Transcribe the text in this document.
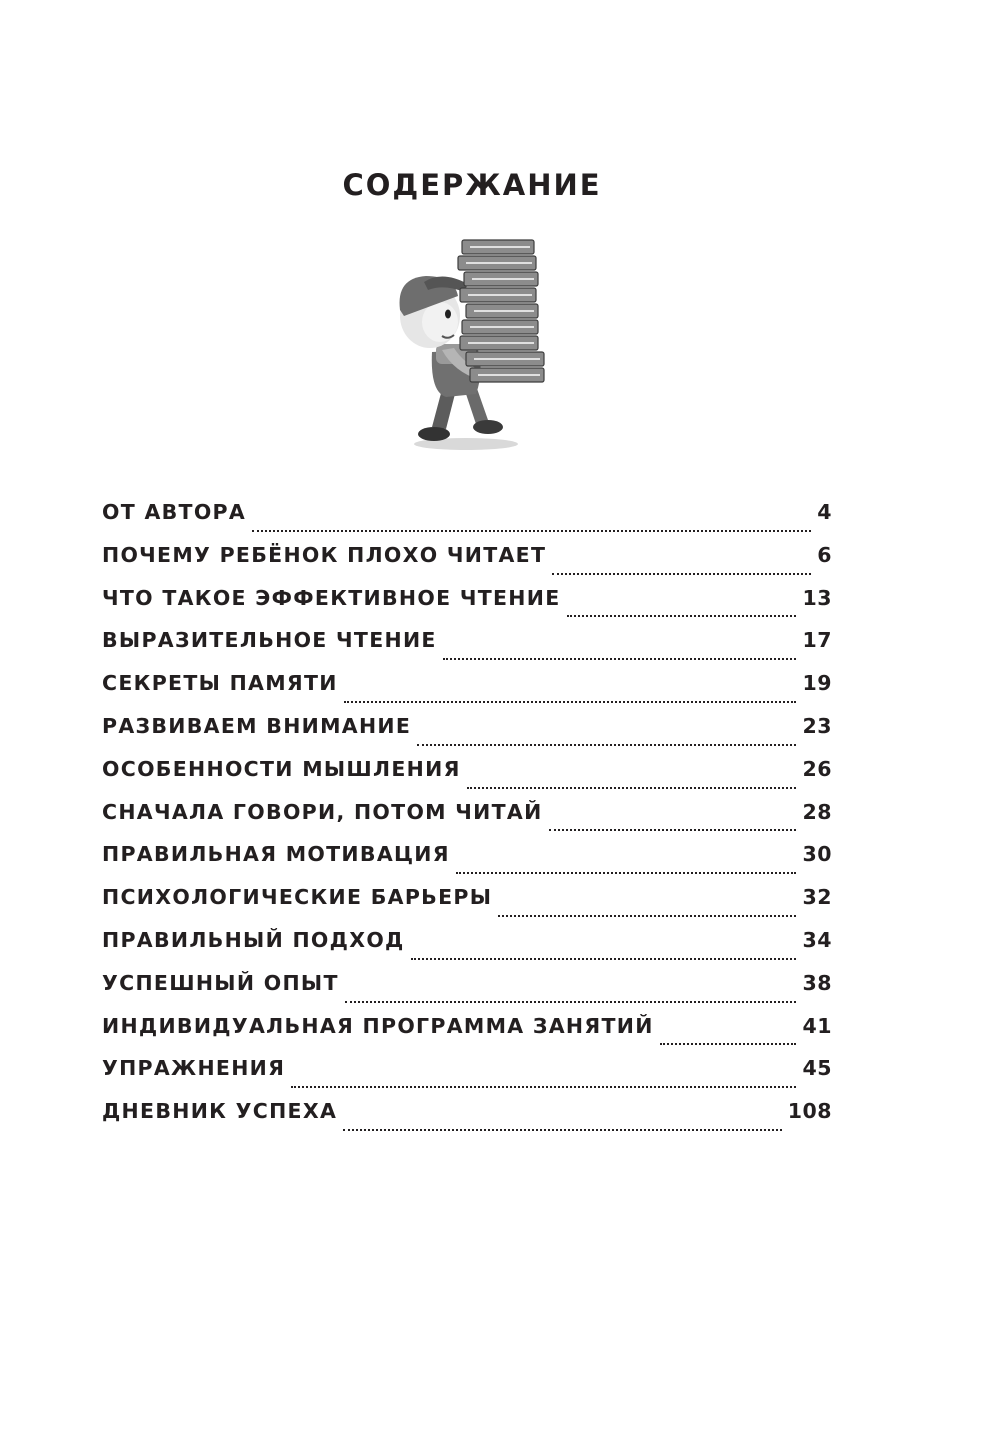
СОДЕРЖАНИЕ
ОТ АВТОРА	4
ПОЧЕМУ РЕБЁНОК ПЛОХО ЧИТАЕТ	6
ЧТО ТАКОЕ ЭФФЕКТИВНОЕ ЧТЕНИЕ	13
ВЫРАЗИТЕЛЬНОЕ ЧТЕНИЕ	17
СЕКРЕТЫ ПАМЯТИ	19
РАЗВИВАЕМ ВНИМАНИЕ	23
ОСОБЕННОСТИ МЫШЛЕНИЯ	26
СНАЧАЛА ГОВОРИ, ПОТОМ ЧИТАЙ	28
ПРАВИЛЬНАЯ МОТИВАЦИЯ	30
ПСИХОЛОГИЧЕСКИЕ БАРЬЕРЫ	32
ПРАВИЛЬНЫЙ ПОДХОД	34
УСПЕШНЫЙ ОПЫТ	38
ИНДИВИДУАЛЬНАЯ ПРОГРАММА ЗАНЯТИЙ	41
УПРАЖНЕНИЯ	45
ДНЕВНИК УСПЕХА	108
